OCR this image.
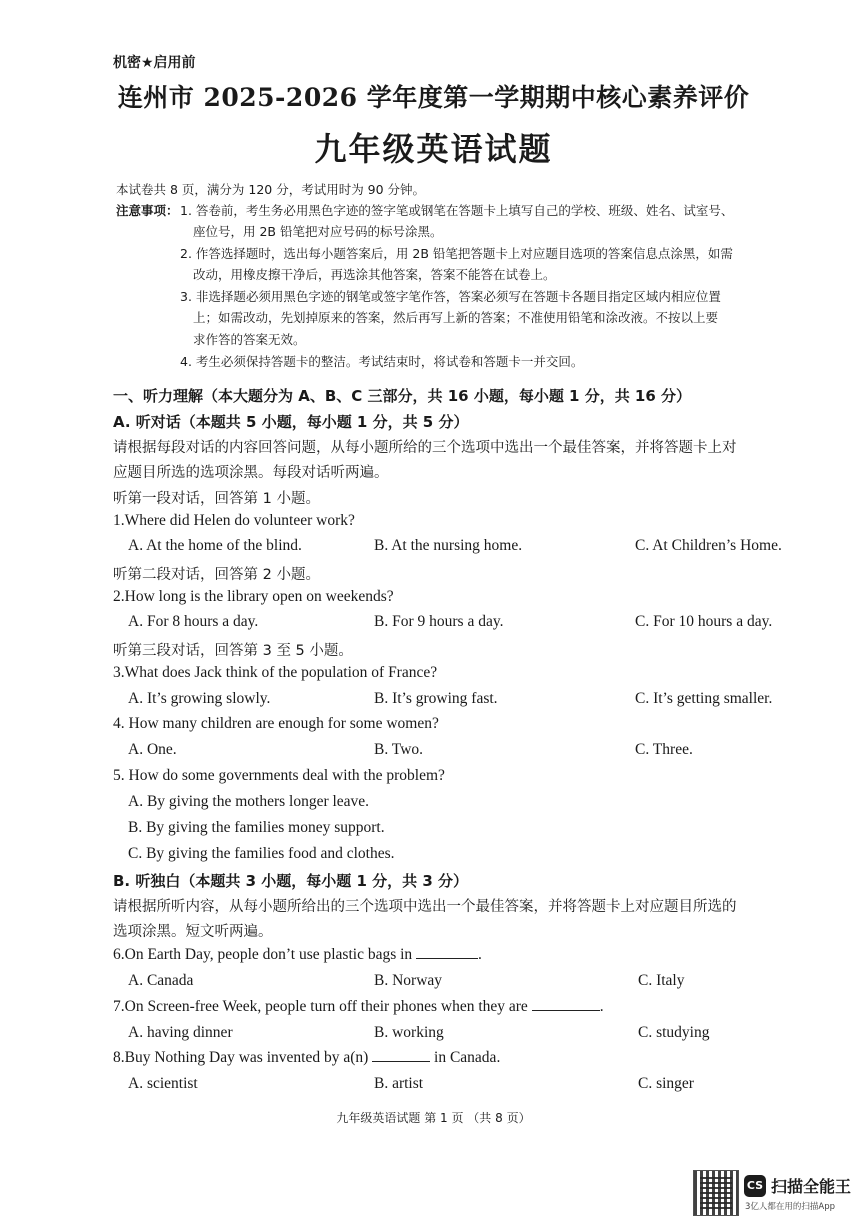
机密★启用前
连州市 2025-2026 学年度第一学期期中核心素养评价
九年级英语试题
本试卷共 8 页，满分为 120 分，考试用时为 90 分钟。
注意事项： 1. 答卷前，考生务必用黑色字迹的签字笔或钢笔在答题卡上填写自己的学校、班级、姓名、试室号、
座位号，用 2B 铅笔把对应号码的标号涂黑。
2. 作答选择题时，选出每小题答案后，用 2B 铅笔把答题卡上对应题目选项的答案信息点涂黑，如需
改动，用橡皮擦干净后，再选涂其他答案，答案不能答在试卷上。
3. 非选择题必须用黑色字迹的钢笔或签字笔作答，答案必须写在答题卡各题目指定区域内相应位置
上；如需改动，先划掉原来的答案，然后再写上新的答案；不准使用铅笔和涂改液。不按以上要
求作答的答案无效。
4. 考生必须保持答题卡的整洁。考试结束时，将试卷和答题卡一并交回。
一、听力理解（本大题分为 A、B、C 三部分，共 16 小题，每小题 1 分，共 16 分）
A. 听对话（本题共 5 小题，每小题 1 分，共 5 分）
请根据每段对话的内容回答问题，从每小题所给的三个选项中选出一个最佳答案，并将答题卡上对
应题目所选的选项涂黑。每段对话听两遍。
听第一段对话，回答第 1 小题。
1.Where did Helen do volunteer work?
A. At the home of the blind.	B. At the nursing home.	C. At Children’s Home.
听第二段对话，回答第 2 小题。
2.How long is the library open on weekends?
A. For 8 hours a day.	B. For 9 hours a day.	C. For 10 hours a day.
听第三段对话，回答第 3 至 5 小题。
3.What does Jack think of the population of France?
A. It’s growing slowly.	B. It’s growing fast.	C. It’s getting smaller.
4. How many children are enough for some women?
A. One.	B. Two.	C. Three.
5. How do some governments deal with the problem?
A. By giving the mothers longer leave.
B. By giving the families money support.
C. By giving the families food and clothes.
B. 听独白（本题共 3 小题，每小题 1 分，共 3 分）
请根据所听内容，从每小题所给出的三个选项中选出一个最佳答案，并将答题卡上对应题目所选的
选项涂黑。短文听两遍。
6.On Earth Day, people don’t use plastic bags in	.
A. Canada	B. Norway	C. Italy
7.On Screen-free Week, people turn off their phones when they are	.
A. having dinner	B. working	C. studying
8.Buy Nothing Day was invented by a(n)	in Canada.
A. scientist	B. artist	C. singer
九年级英语试题 第 1 页 （共 8 页）
CS 扫描全能王
3亿人都在用的扫描App
